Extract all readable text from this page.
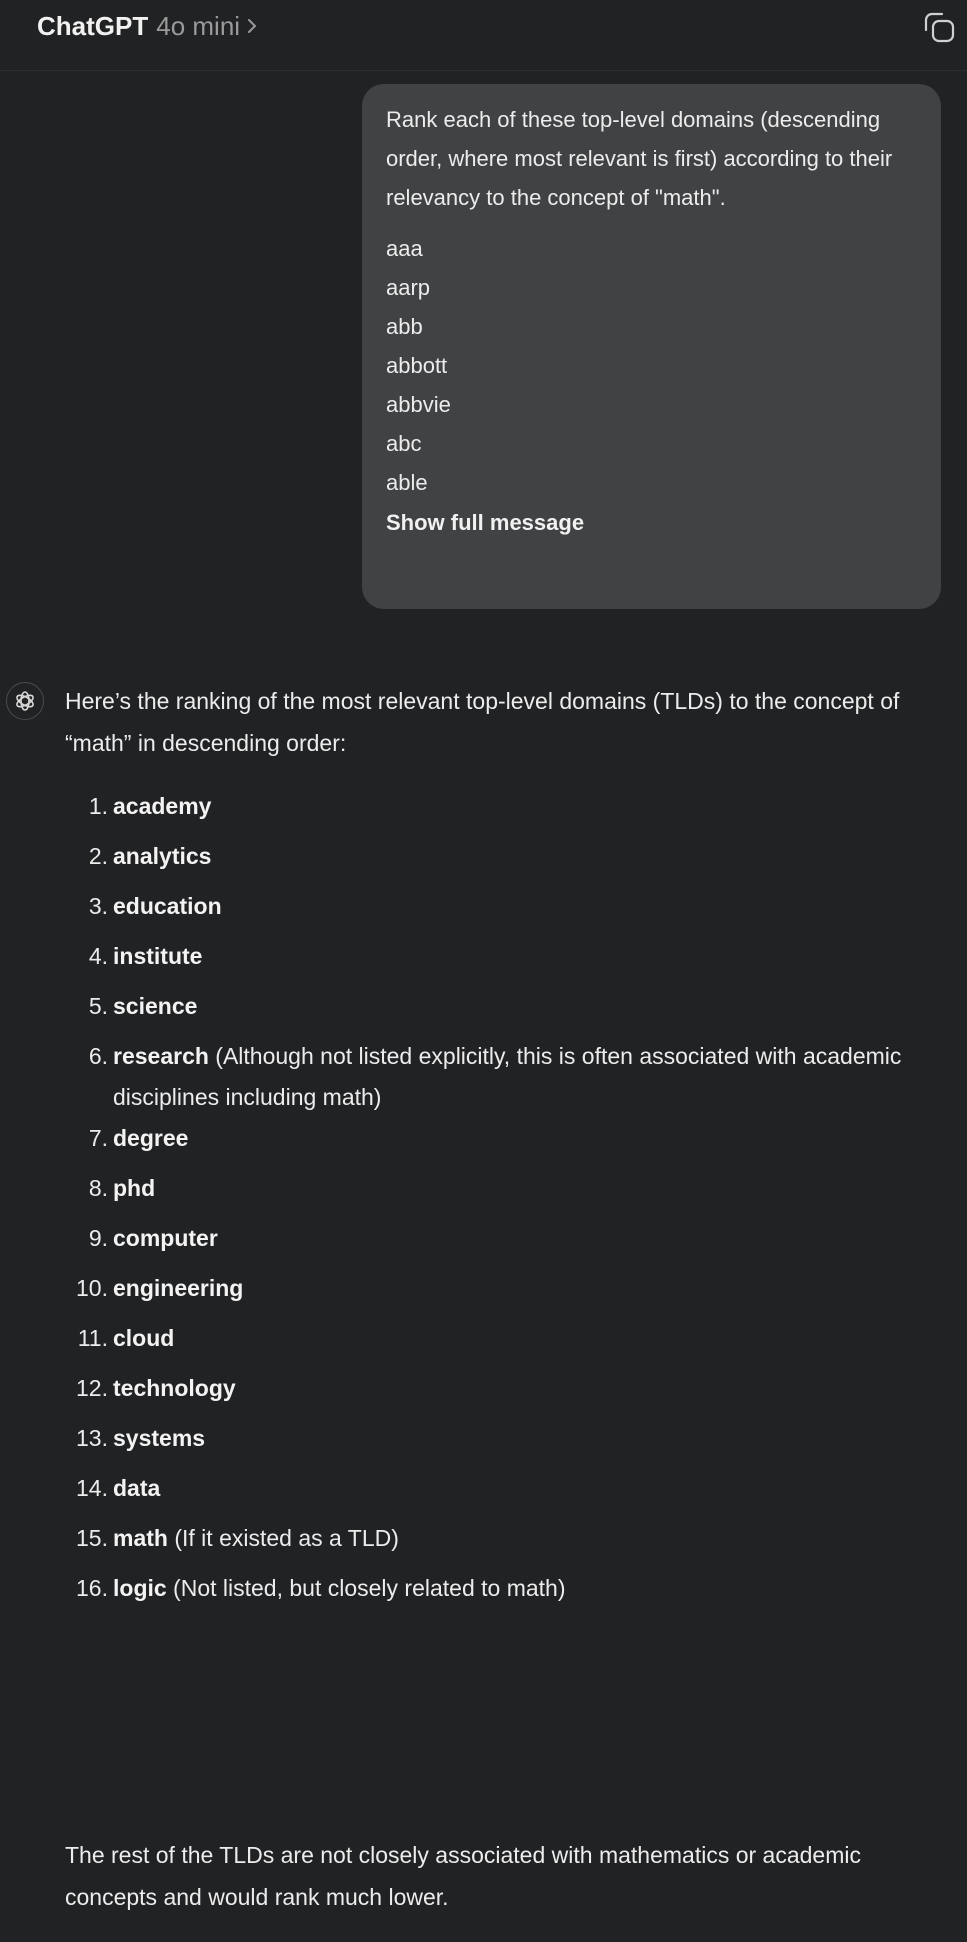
ChatGPT 4o mini

Rank each of these top-level domains (descending order, where most relevant is first) according to their relevancy to the concept of "math".

aaa
aarp
abb
abbott
abbvie
abc
able
Show full message

Here’s the ranking of the most relevant top-level domains (TLDs) to the concept of “math” in descending order:

1. academy
2. analytics
3. education
4. institute
5. science
6. research (Although not listed explicitly, this is often associated with academic disciplines including math)
7. degree
8. phd
9. computer
10. engineering
11. cloud
12. technology
13. systems
14. data
15. math (If it existed as a TLD)
16. logic (Not listed, but closely related to math)

The rest of the TLDs are not closely associated with mathematics or academic concepts and would rank much lower.
